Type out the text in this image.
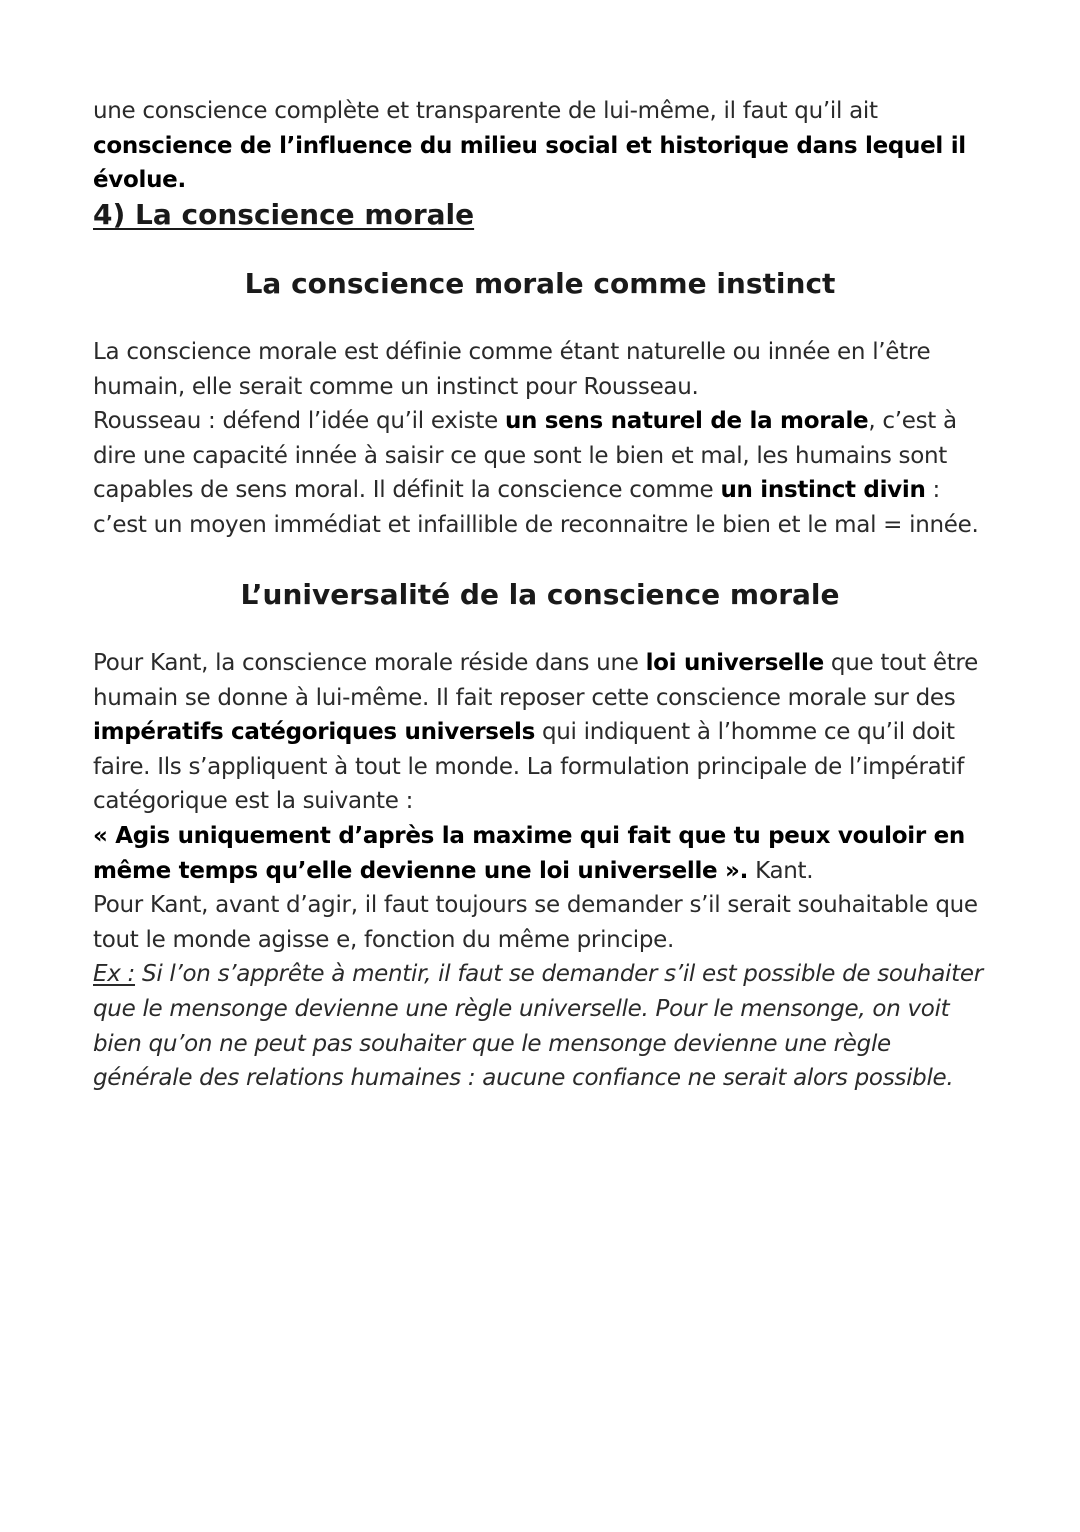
une conscience complète et transparente de lui-même, il faut qu’il ait
conscience de l’influence du milieu social et historique dans lequel il évolue.

4) La conscience morale
La conscience morale comme instinct

La conscience morale est définie comme étant naturelle ou innée en l’être humain, elle serait comme un instinct pour Rousseau.

Rousseau : défend l’idée qu’il existe un sens naturel de la morale, c’est à dire une capacité innée à saisir ce que sont le bien et mal, les humains sont capables de sens moral. Il définit la conscience comme un instinct divin : c’est un moyen immédiat et infaillible de reconnaitre le bien et le mal = innée.

L’universalité de la conscience morale

Pour Kant, la conscience morale réside dans une loi universelle que tout être humain se donne à lui-même. Il fait reposer cette conscience morale sur des impératifs catégoriques universels qui indiquent à l’homme ce qu’il doit faire. Ils s’appliquent à tout le monde. La formulation principale de l’impératif catégorique est la suivante :

« Agis uniquement d’après la maxime qui fait que tu peux vouloir en même temps qu’elle devienne une loi universelle ». Kant.

Pour Kant, avant d’agir, il faut toujours se demander s’il serait souhaitable que tout le monde agisse e, fonction du même principe.

Ex : Si l’on s’apprête à mentir, il faut se demander s’il est possible de souhaiter que le mensonge devienne une règle universelle. Pour le mensonge, on voit bien qu’on ne peut pas souhaiter que le mensonge devienne une règle générale des relations humaines : aucune confiance ne serait alors possible.
